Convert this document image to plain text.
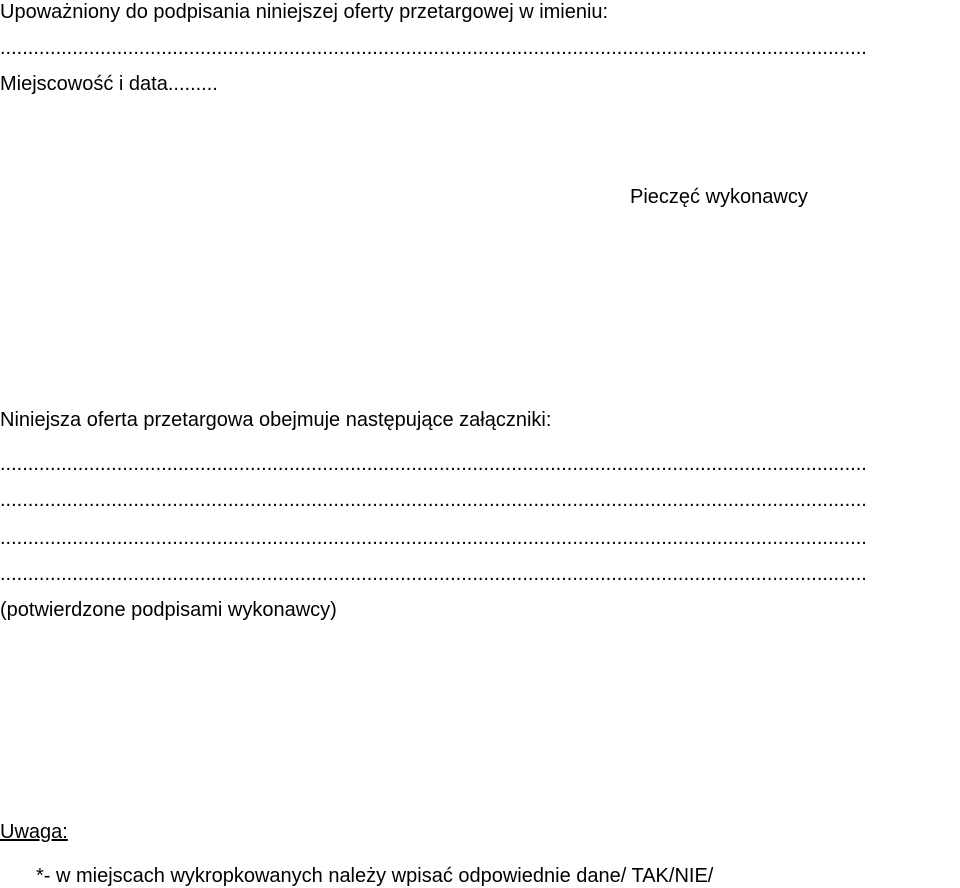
Upoważniony do podpisania niniejszej oferty przetargowej w imieniu:

............................................................................................................................................................

Miejscowość i data.........

Pieczęć wykonawcy

Niniejsza oferta przetargowa obejmuje następujące załączniki:

............................................................................................................................................................
............................................................................................................................................................
............................................................................................................................................................
............................................................................................................................................................

(potwierdzone podpisami wykonawcy)

Uwaga:

*- w miejscach wykropkowanych należy wpisać odpowiednie dane/ TAK/NIE/
